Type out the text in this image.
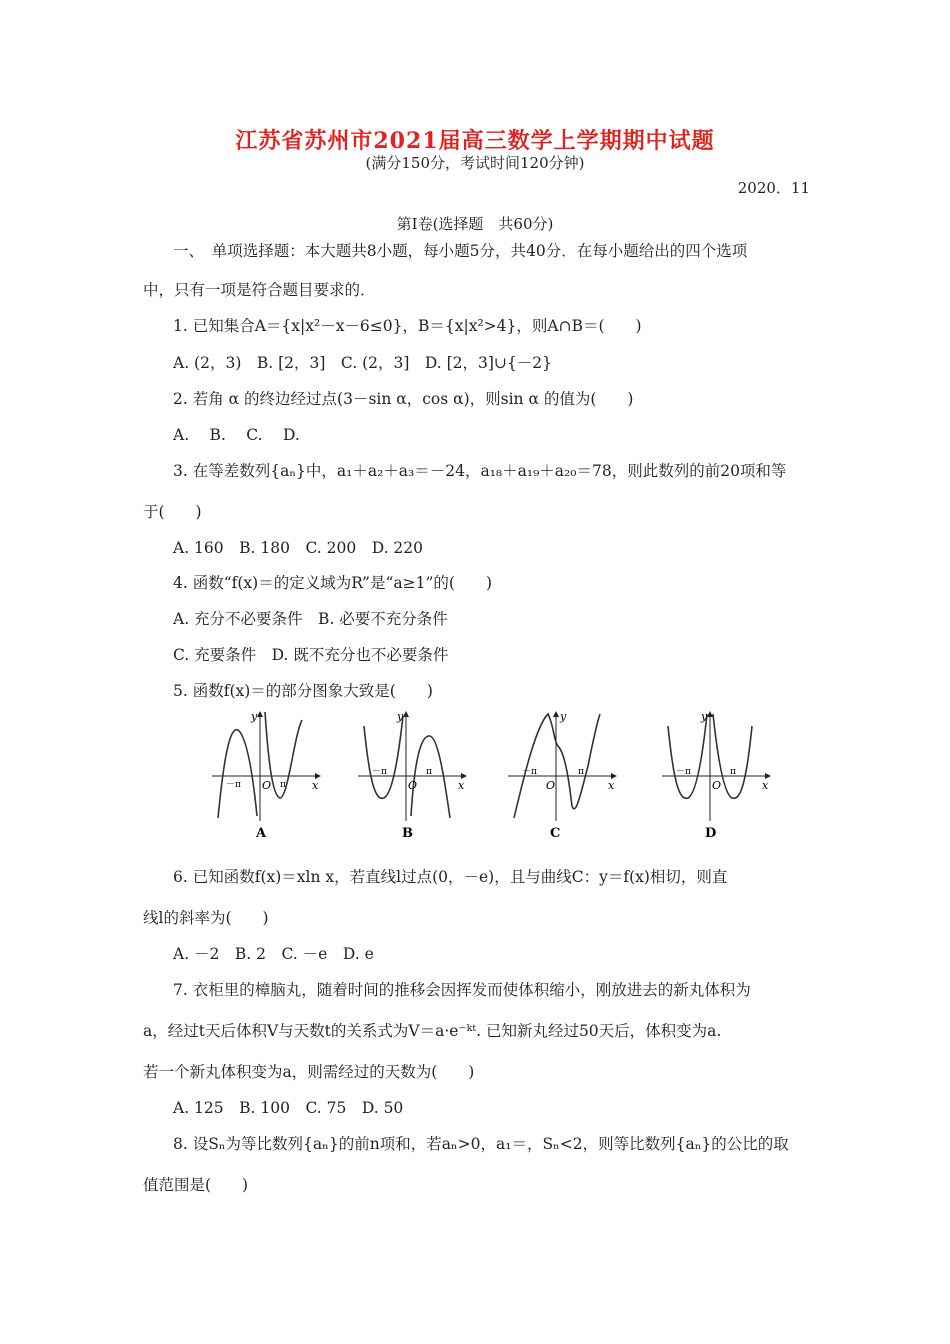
江苏省苏州市2021届高三数学上学期期中试题
(满分150分，考试时间120分钟)
2020．11
第Ⅰ卷(选择题　共60分)
一、　单项选择题：本大题共8小题，每小题5分，共40分．在每小题给出的四个选项
中，只有一项是符合题目要求的．
1. 已知集合A＝{x|x²－x－6≤0}，B＝{x|x²>4}，则A∩B＝(　　)
A. (2，3)　B. [2，3]　C. (2，3]　D. [2，3]∪{－2}
2. 若角 α 的终边经过点(3－sin α，cos α)，则sin α 的值为(　　)
A.　 B.　 C.　 D.
3. 在等差数列{aₙ}中，a₁＋a₂＋a₃＝－24，a₁₈＋a₁₉＋a₂₀＝78，则此数列的前20项和等
于(　　)
A. 160　B. 180　C. 200　D. 220
4. 函数“f(x)＝的定义域为R”是“a≥1”的(　　)
A. 充分不必要条件　B. 必要不充分条件
C. 充要条件　D. 既不充分也不必要条件
5. 函数f(x)＝的部分图象大致是(　　)
y
x
O
－π	π
A
y
x
O
－π	π
B
y
x
O
－π	π
C
y
x
O
－π	π
D
6. 已知函数f(x)＝xln x，若直线l过点(0，－e)，且与曲线C：y＝f(x)相切，则直
线l的斜率为(　　)
A. －2　B. 2　C. －e　D. e
7. 衣柜里的樟脑丸，随着时间的推移会因挥发而使体积缩小，刚放进去的新丸体积为
a，经过t天后体积V与天数t的关系式为V＝a·e⁻ᵏᵗ. 已知新丸经过50天后，体积变为a.
若一个新丸体积变为a，则需经过的天数为(　　)
A. 125　B. 100　C. 75　D. 50
8. 设Sₙ为等比数列{aₙ}的前n项和，若aₙ>0，a₁＝，Sₙ<2，则等比数列{aₙ}的公比的取
值范围是(　　)
